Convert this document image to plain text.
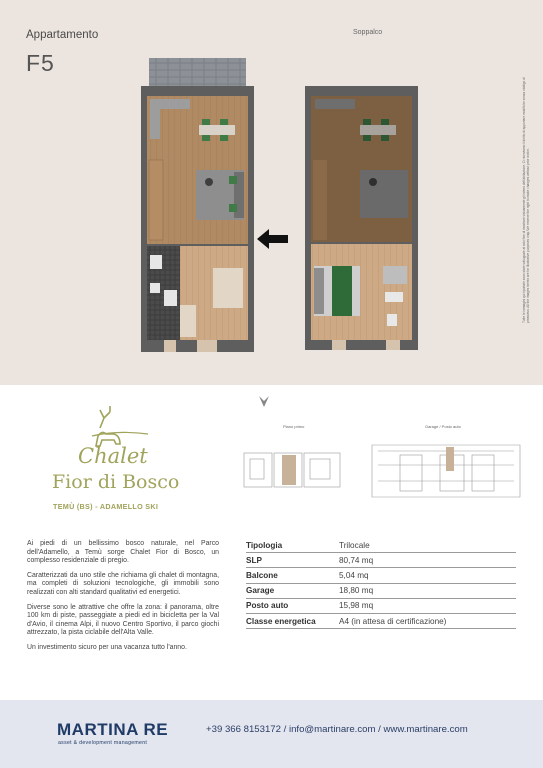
Appartamento
F5
Soppalco
Tutte le immagini qui riportate sono state sviluppate al solo fine di mostrare visivamente gli interni dell'abitazione. Ci riserviamo il diritto di apportare modifiche senza obbligo di preavviso. All the images herein are for illustrative purposes only. We reserve the right to make changes without prior notice.
Piano primo	Garage / Posto auto
Chalet
Fior di Bosco
TEMÙ (BS) - ADAMELLO SKI

Ai piedi di un bellissimo bosco naturale, nel Parco dell'Adamello, a Temù sorge Chalet Fior di Bosco, un complesso residenziale di pregio.

Caratterizzati da uno stile che richiama gli chalet di montagna, ma completi di soluzioni tecnologiche, gli immobili sono realizzati con alti standard qualitativi ed energetici.

Diverse sono le attrattive che offre la zona: il panorama, oltre 100 km di piste, passeggiate a piedi ed in bicicletta per la Val d'Avio, il cinema Alpi, il nuovo Centro Sportivo, il parco giochi attrezzato, la pista ciclabile dell'Alta Valle.

Un investimento sicuro per una vacanza tutto l'anno.

Tipologia	Trilocale
SLP	80,74 mq
Balcone	5,04 mq
Garage	18,80 mq
Posto auto	15,98 mq
Classe energetica	A4 (in attesa di certificazione)
MARTINA RE
asset & development management
+39 366 8153172 / info@martinare.com / www.martinare.com
